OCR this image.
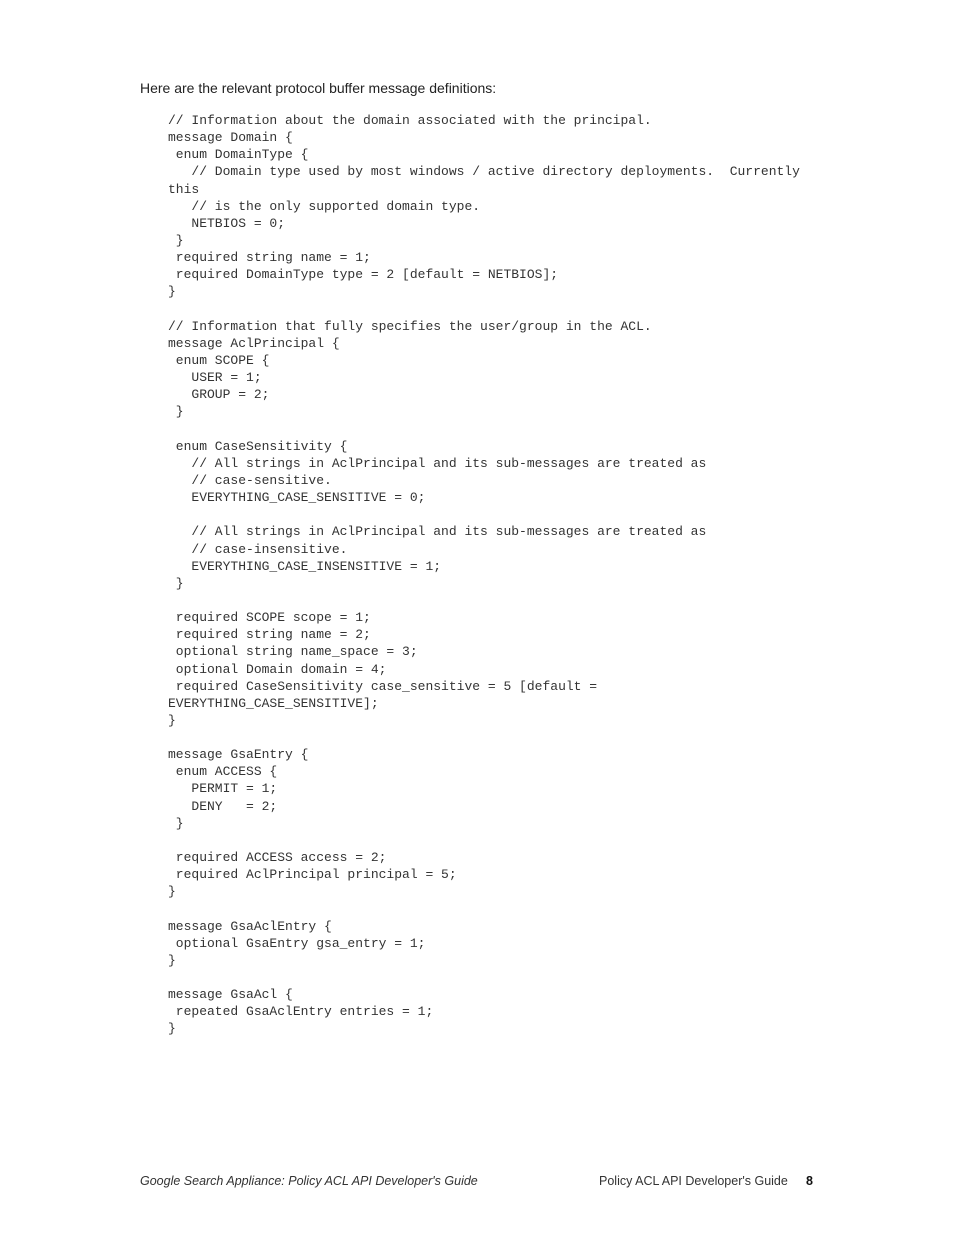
Here are the relevant protocol buffer message definitions:

// Information about the domain associated with the principal.
message Domain {
enum DomainType {
// Domain type used by most windows / active directory deployments.  Currently
this
// is the only supported domain type.
NETBIOS = 0;
}
required string name = 1;
required DomainType type = 2 [default = NETBIOS];
}
// Information that fully specifies the user/group in the ACL.
message AclPrincipal {
enum SCOPE {
USER = 1;
GROUP = 2;
}
enum CaseSensitivity {
// All strings in AclPrincipal and its sub-messages are treated as
// case-sensitive.
EVERYTHING_CASE_SENSITIVE = 0;
// All strings in AclPrincipal and its sub-messages are treated as
// case-insensitive.
EVERYTHING_CASE_INSENSITIVE = 1;
}
required SCOPE scope = 1;
required string name = 2;
optional string name_space = 3;
optional Domain domain = 4;
required CaseSensitivity case_sensitive = 5 [default =
EVERYTHING_CASE_SENSITIVE];
}
message GsaEntry {
enum ACCESS {
PERMIT = 1;
DENY   = 2;
}
required ACCESS access = 2;
required AclPrincipal principal = 5;
}
message GsaAclEntry {
optional GsaEntry gsa_entry = 1;
}
message GsaAcl {
repeated GsaAclEntry entries = 1;
}
Google Search Appliance: Policy ACL API Developer's Guide	Policy ACL API Developer's Guide 8
